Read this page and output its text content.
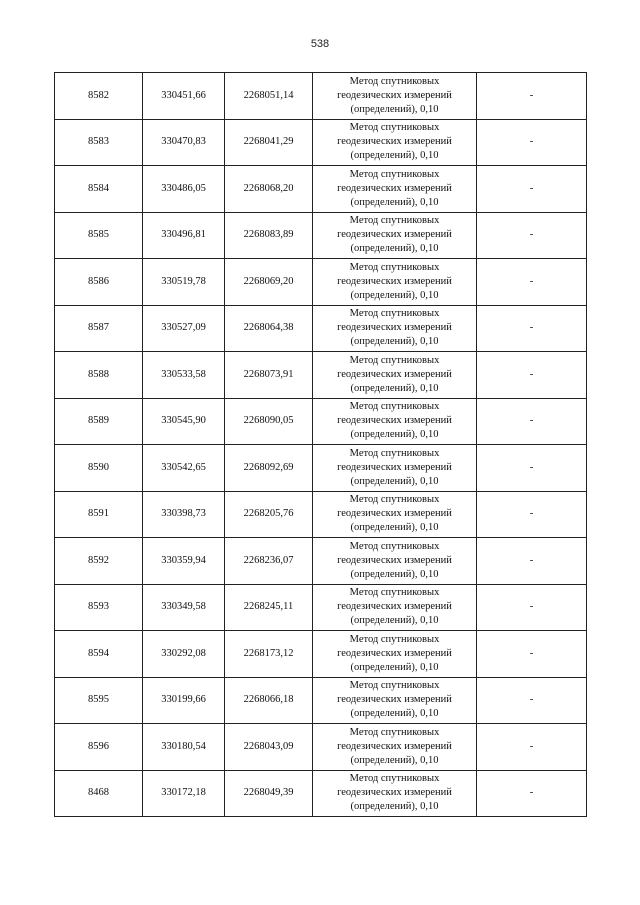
538
8582	330451,66	2268051,14	Метод спутниковых
геодезических измерений
(определений), 0,10	-
8583	330470,83	2268041,29	Метод спутниковых
геодезических измерений
(определений), 0,10	-
8584	330486,05	2268068,20	Метод спутниковых
геодезических измерений
(определений), 0,10	-
8585	330496,81	2268083,89	Метод спутниковых
геодезических измерений
(определений), 0,10	-
8586	330519,78	2268069,20	Метод спутниковых
геодезических измерений
(определений), 0,10	-
8587	330527,09	2268064,38	Метод спутниковых
геодезических измерений
(определений), 0,10	-
8588	330533,58	2268073,91	Метод спутниковых
геодезических измерений
(определений), 0,10	-
8589	330545,90	2268090,05	Метод спутниковых
геодезических измерений
(определений), 0,10	-
8590	330542,65	2268092,69	Метод спутниковых
геодезических измерений
(определений), 0,10	-
8591	330398,73	2268205,76	Метод спутниковых
геодезических измерений
(определений), 0,10	-
8592	330359,94	2268236,07	Метод спутниковых
геодезических измерений
(определений), 0,10	-
8593	330349,58	2268245,11	Метод спутниковых
геодезических измерений
(определений), 0,10	-
8594	330292,08	2268173,12	Метод спутниковых
геодезических измерений
(определений), 0,10	-
8595	330199,66	2268066,18	Метод спутниковых
геодезических измерений
(определений), 0,10	-
8596	330180,54	2268043,09	Метод спутниковых
геодезических измерений
(определений), 0,10	-
8468	330172,18	2268049,39	Метод спутниковых
геодезических измерений
(определений), 0,10	-
